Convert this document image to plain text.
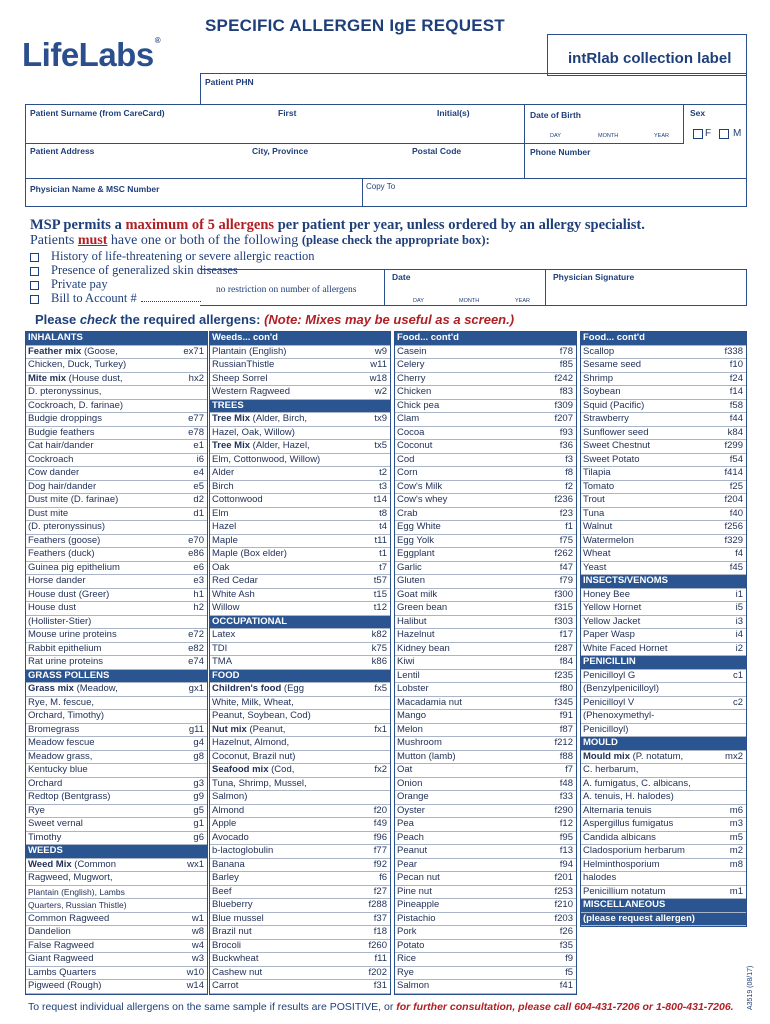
SPECIFIC ALLERGEN IgE REQUEST
LifeLabs®
intRlab collection label
Patient PHN
Patient Surname (from CareCard)	First	Initial(s)	Date of Birth	Sex
DAY	MONTH	YEAR	F M
Patient Address	City, Province	Postal Code	Phone Number
Physician Name & MSC Number	Copy To
MSP permits a maximum of 5 allergens per patient per year, unless ordered by an allergy specialist.
Patients must have one or both of the following (please check the appropriate box):
History of life-threatening or severe allergic reaction
Presence of generalized skin diseases
Private pay
Bill to Account #
no restriction on number of allergens
Date	Physician Signature
DAY	MONTH	YEAR
Please check the required allergens: (Note: Mixes may be useful as a screen.)
INHALANTS
Feather mix (Goose,	ex71
Chicken, Duck, Turkey)
Mite mix (House dust,	hx2
D. pteronyssinus,
Cockroach, D. farinae)
Budgie droppings	e77
Budgie feathers	e78
Cat hair/dander	e1
Cockroach	i6
Cow dander	e4
Dog hair/dander	e5
Dust mite (D. farinae)	d2
Dust mite	d1
(D. pteronyssinus)
Feathers (goose)	e70
Feathers (duck)	e86
Guinea pig epithelium	e6
Horse dander	e3
House dust (Greer)	h1
House dust	h2
(Hollister-Stier)
Mouse urine proteins	e72
Rabbit epithelium	e82
Rat urine proteins	e74
GRASS POLLENS
Grass mix (Meadow,	gx1
Rye, M. fescue,
Orchard, Timothy)
Bromegrass	g11
Meadow fescue	g4
Meadow grass,	g8
Kentucky blue
Orchard	g3
Redtop (Bentgrass)	g9
Rye	g5
Sweet vernal	g1
Timothy	g6
WEEDS
Weed Mix (Common	wx1
Ragweed, Mugwort,
Plantain (English), Lambs
Quarters, Russian Thistle)
Common Ragweed	w1
Dandelion	w8
False Ragweed	w4
Giant Ragweed	w3
Lambs Quarters	w10
Pigweed (Rough)	w14
Weeds... con'd
Plantain (English)	w9
RussianThistle	w11
Sheep Sorrel	w18
Western Ragweed	w2
TREES
Tree Mix (Alder, Birch,	tx9
Hazel, Oak, Willow)
Tree Mix (Alder, Hazel,	tx5
Elm, Cottonwood, Willow)
Alder	t2
Birch	t3
Cottonwood	t14
Elm	t8
Hazel	t4
Maple	t11
Maple (Box elder)	t1
Oak	t7
Red Cedar	t57
White Ash	t15
Willow	t12
OCCUPATIONAL
Latex	k82
TDI	k75
TMA	k86
FOOD
Children's food (Egg	fx5
White, Milk, Wheat,
Peanut, Soybean, Cod)
Nut mix (Peanut,	fx1
Hazelnut, Almond,
Coconut, Brazil nut)
Seafood mix (Cod,	fx2
Tuna, Shrimp, Mussel,
Salmon)
Almond	f20
Apple	f49
Avocado	f96
b-lactoglobulin	f77
Banana	f92
Barley	f6
Beef	f27
Blueberry	f288
Blue mussel	f37
Brazil nut	f18
Brocoli	f260
Buckwheat	f11
Cashew nut	f202
Carrot	f31
Food... cont'd
Casein	f78
Celery	f85
Cherry	f242
Chicken	f83
Chick pea	f309
Clam	f207
Cocoa	f93
Coconut	f36
Cod	f3
Corn	f8
Cow's Milk	f2
Cow's whey	f236
Crab	f23
Egg White	f1
Egg Yolk	f75
Eggplant	f262
Garlic	f47
Gluten	f79
Goat milk	f300
Green bean	f315
Halibut	f303
Hazelnut	f17
Kidney bean	f287
Kiwi	f84
Lentil	f235
Lobster	f80
Macadamia nut	f345
Mango	f91
Melon	f87
Mushroom	f212
Mutton (lamb)	f88
Oat	f7
Onion	f48
Orange	f33
Oyster	f290
Pea	f12
Peach	f95
Peanut	f13
Pear	f94
Pecan nut	f201
Pine nut	f253
Pineapple	f210
Pistachio	f203
Pork	f26
Potato	f35
Rice	f9
Rye	f5
Salmon	f41
Food... cont'd
Scallop	f338
Sesame seed	f10
Shrimp	f24
Soybean	f14
Squid (Pacific)	f58
Strawberry	f44
Sunflower seed	k84
Sweet Chestnut	f299
Sweet Potato	f54
Tilapia	f414
Tomato	f25
Trout	f204
Tuna	f40
Walnut	f256
Watermelon	f329
Wheat	f4
Yeast	f45
INSECTS/VENOMS
Honey Bee	i1
Yellow Hornet	i5
Yellow Jacket	i3
Paper Wasp	i4
White Faced Hornet	i2
PENICILLIN
Penicilloyl G	c1
(Benzylpenicilloyl)
Penicilloyl V	c2
(Phenoxymethyl-
Penicilloyl)
MOULD
Mould mix (P. notatum,	mx2
C. herbarum,
A. fumigatus, C. albicans,
A. tenuis, H. halodes)
Alternaria tenuis	m6
Aspergillus fumigatus	m3
Candida albicans	m5
Cladosporium herbarum	m2
Helminthosporium	m8
halodes
Penicillium notatum	m1
MISCELLANEOUS
(please request allergen)
To request individual allergens on the same sample if results are POSITIVE, or for further consultation, please call 604-431-7206 or 1-800-431-7206. A3519 (08/17)
